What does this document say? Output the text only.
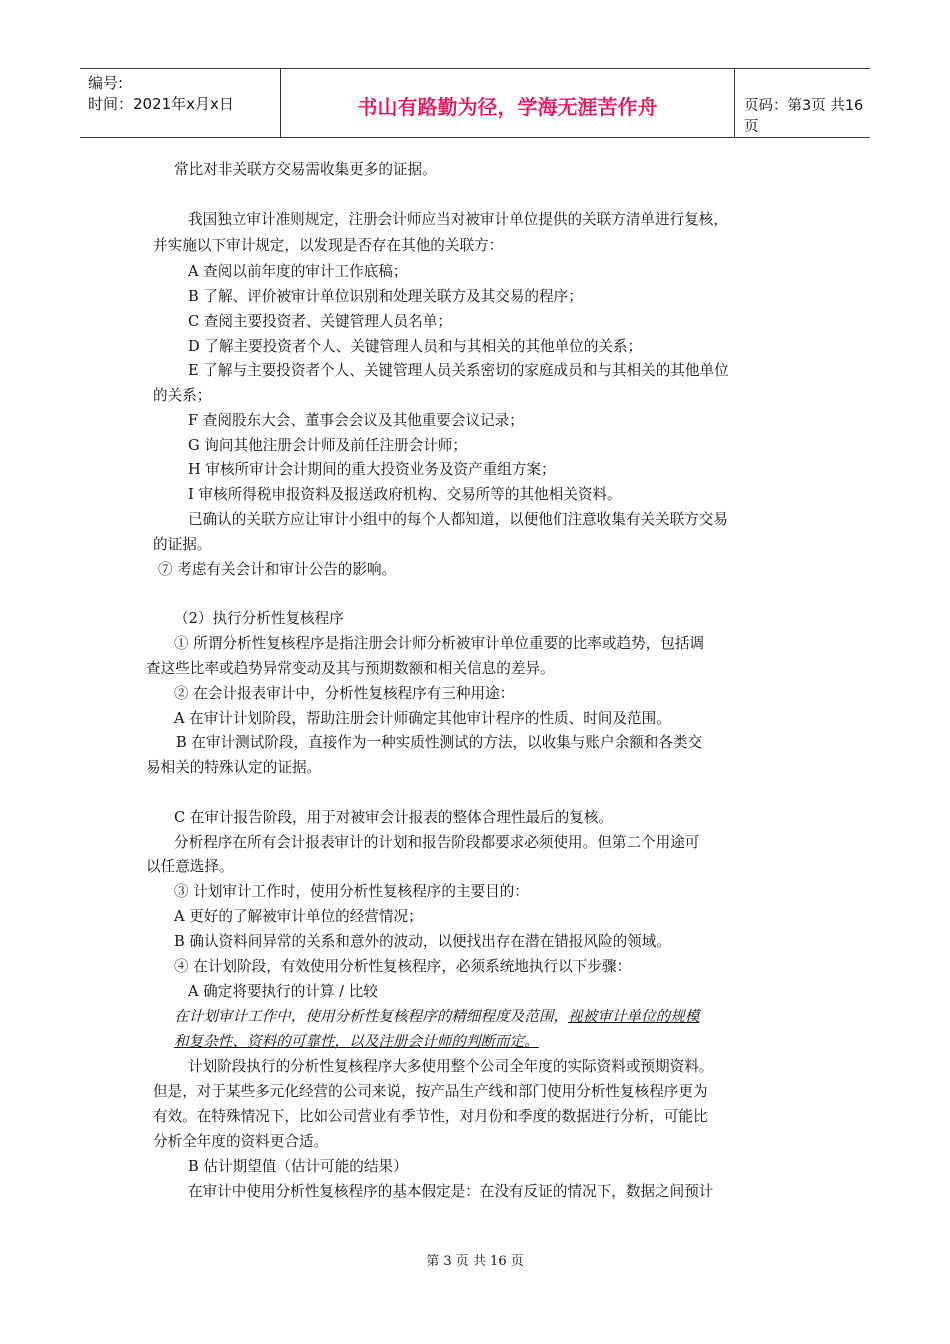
编号:
时间：2021年x月x日	书山有路勤为径，学海无涯苦作舟	页码：第3页 共16页
常比对非关联方交易需收集更多的证据。
我国独立审计准则规定，注册会计师应当对被审计单位提供的关联方清单进行复核，
并实施以下审计规定，以发现是否存在其他的关联方：
A 查阅以前年度的审计工作底稿；
B 了解、评价被审计单位识别和处理关联方及其交易的程序；
C 查阅主要投资者、关键管理人员名单；
D 了解主要投资者个人、关键管理人员和与其相关的其他单位的关系；
E 了解与主要投资者个人、关键管理人员关系密切的家庭成员和与其相关的其他单位
的关系；
F 查阅股东大会、董事会会议及其他重要会议记录；
G 询问其他注册会计师及前任注册会计师；
H 审核所审计会计期间的重大投资业务及资产重组方案；
I 审核所得税申报资料及报送政府机构、交易所等的其他相关资料。
已确认的关联方应让审计小组中的每个人都知道，以便他们注意收集有关关联方交易
的证据。
⑦ 考虑有关会计和审计公告的影响。
（2）执行分析性复核程序
① 所谓分析性复核程序是指注册会计师分析被审计单位重要的比率或趋势，包括调
查这些比率或趋势异常变动及其与预期数额和相关信息的差异。
② 在会计报表审计中，分析性复核程序有三种用途：
A 在审计计划阶段，帮助注册会计师确定其他审计程序的性质、时间及范围。
B 在审计测试阶段，直接作为一种实质性测试的方法，以收集与账户余额和各类交
易相关的特殊认定的证据。
C 在审计报告阶段，用于对被审会计报表的整体合理性最后的复核。
分析程序在所有会计报表审计的计划和报告阶段都要求必须使用。但第二个用途可
以任意选择。
③ 计划审计工作时，使用分析性复核程序的主要目的：
A 更好的了解被审计单位的经营情况；
B 确认资料间异常的关系和意外的波动，以便找出存在潜在错报风险的领域。
④ 在计划阶段，有效使用分析性复核程序，必须系统地执行以下步骤：
A 确定将要执行的计算 / 比较
在计划审计工作中，使用分析性复核程序的精细程度及范围，视被审计单位的规模
和复杂性、资料的可靠性，以及注册会计师的判断而定。
计划阶段执行的分析性复核程序大多使用整个公司全年度的实际资料或预期资料。
但是，对于某些多元化经营的公司来说，按产品生产线和部门使用分析性复核程序更为
有效。在特殊情况下，比如公司营业有季节性，对月份和季度的数据进行分析，可能比
分析全年度的资料更合适。
B 估计期望值（估计可能的结果）
在审计中使用分析性复核程序的基本假定是：在没有反证的情况下，数据之间预计
第 3 页 共 16 页
